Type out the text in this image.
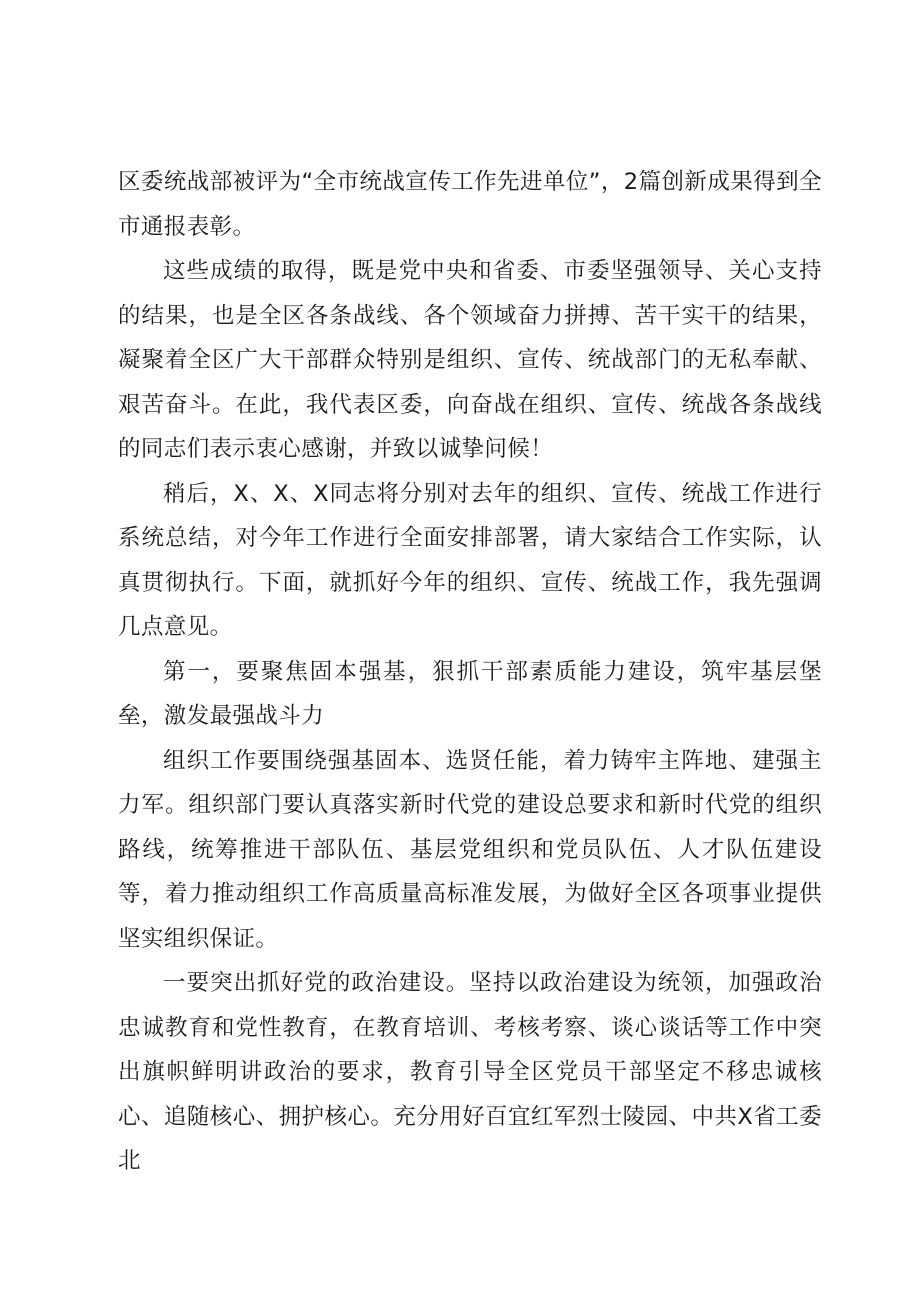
区委统战部被评为“全市统战宣传工作先进单位”，2篇创新成果得到全市通报表彰。

这些成绩的取得，既是党中央和省委、市委坚强领导、关心支持的结果，也是全区各条战线、各个领域奋力拼搏、苦干实干的结果，凝聚着全区广大干部群众特别是组织、宣传、统战部门的无私奉献、艰苦奋斗。在此，我代表区委，向奋战在组织、宣传、统战各条战线的同志们表示衷心感谢，并致以诚挚问候！

稍后，X、X、X同志将分别对去年的组织、宣传、统战工作进行系统总结，对今年工作进行全面安排部署，请大家结合工作实际，认真贯彻执行。下面，就抓好今年的组织、宣传、统战工作，我先强调几点意见。

第一，要聚焦固本强基，狠抓干部素质能力建设，筑牢基层堡垒，激发最强战斗力

组织工作要围绕强基固本、选贤任能，着力铸牢主阵地、建强主力军。组织部门要认真落实新时代党的建设总要求和新时代党的组织路线，统筹推进干部队伍、基层党组织和党员队伍、人才队伍建设等，着力推动组织工作高质量高标准发展，为做好全区各项事业提供坚实组织保证。

一要突出抓好党的政治建设。坚持以政治建设为统领，加强政治忠诚教育和党性教育，在教育培训、考核考察、谈心谈话等工作中突出旗帜鲜明讲政治的要求，教育引导全区党员干部坚定不移忠诚核心、追随核心、拥护核心。充分用好百宜红军烈士陵园、中共X省工委北
